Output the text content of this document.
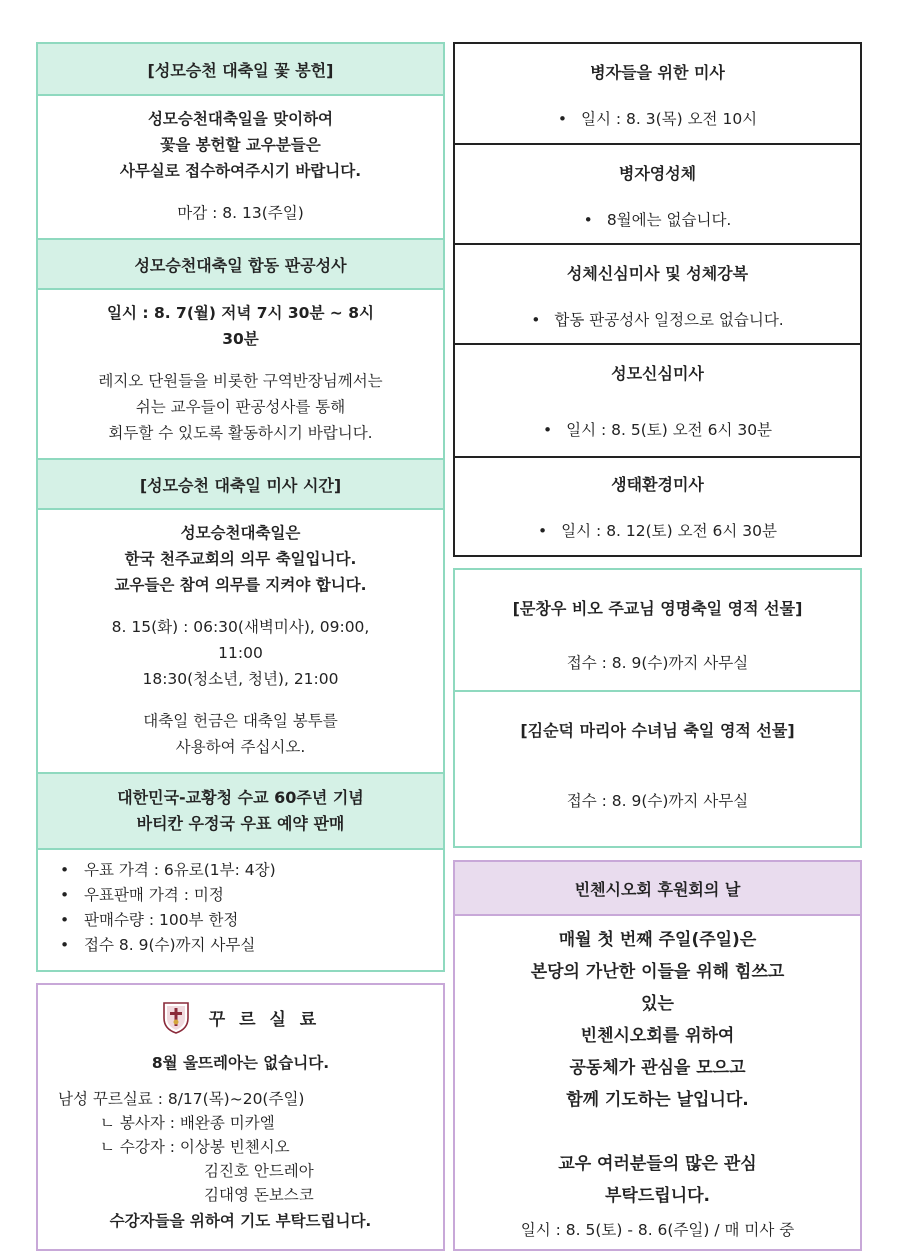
[성모승천 대축일 꽃 봉헌]
성모승천대축일을 맞이하여
꽃을 봉헌할 교우분들은
사무실로 접수하여주시기 바랍니다.
마감 : 8. 13(주일)
성모승천대축일 합동 판공성사
일시 : 8. 7(월) 저녁 7시 30분 ~ 8시
30분
레지오 단원들을 비롯한 구역반장님께서는
쉬는 교우들이 판공성사를 통해
회두할 수 있도록 활동하시기 바랍니다.
[성모승천 대축일 미사 시간]
성모승천대축일은
한국 천주교회의 의무 축일입니다.
교우들은 참여 의무를 지켜야 합니다.
8. 15(화) : 06:30(새벽미사), 09:00,
11:00
18:30(청소년, 청년), 21:00
대축일 헌금은 대축일 봉투를
사용하여 주십시오.
대한민국-교황청 수교 60주년 기념
바티칸 우정국 우표 예약 판매
• 우표 가격 : 6유로(1부: 4장)
• 우표판매 가격 : 미정
• 판매수량 : 100부 한정
• 접수 8. 9(수)까지 사무실
꾸 르 실 료
8월 울뜨레아는 없습니다.
남성 꾸르실료 : 8/17(목)~20(주일)
ㄴ 봉사자 : 배완종 미카엘
ㄴ 수강자 : 이상봉 빈첸시오
김진호 안드레아
김대영 돈보스코
수강자들을 위하여 기도 부탁드립니다.
병자들을 위한 미사
• 일시 : 8. 3(목) 오전 10시
병자영성체
• 8월에는 없습니다.
성체신심미사 및 성체강복
• 합동 판공성사 일정으로 없습니다.
성모신심미사
• 일시 : 8. 5(토) 오전 6시 30분
생태환경미사
• 일시 : 8. 12(토) 오전 6시 30분
[문창우 비오 주교님 영명축일 영적 선물]
접수 : 8. 9(수)까지 사무실
[김순덕 마리아 수녀님 축일 영적 선물]
접수 : 8. 9(수)까지 사무실
빈첸시오회 후원회의 날
매월 첫 번째 주일(주일)은
본당의 가난한 이들을 위해 힘쓰고
있는
빈첸시오회를 위하여
공동체가 관심을 모으고
함께 기도하는 날입니다.
교우 여러분들의 많은 관심
부탁드립니다.
일시 : 8. 5(토) - 8. 6(주일) / 매 미사 중
